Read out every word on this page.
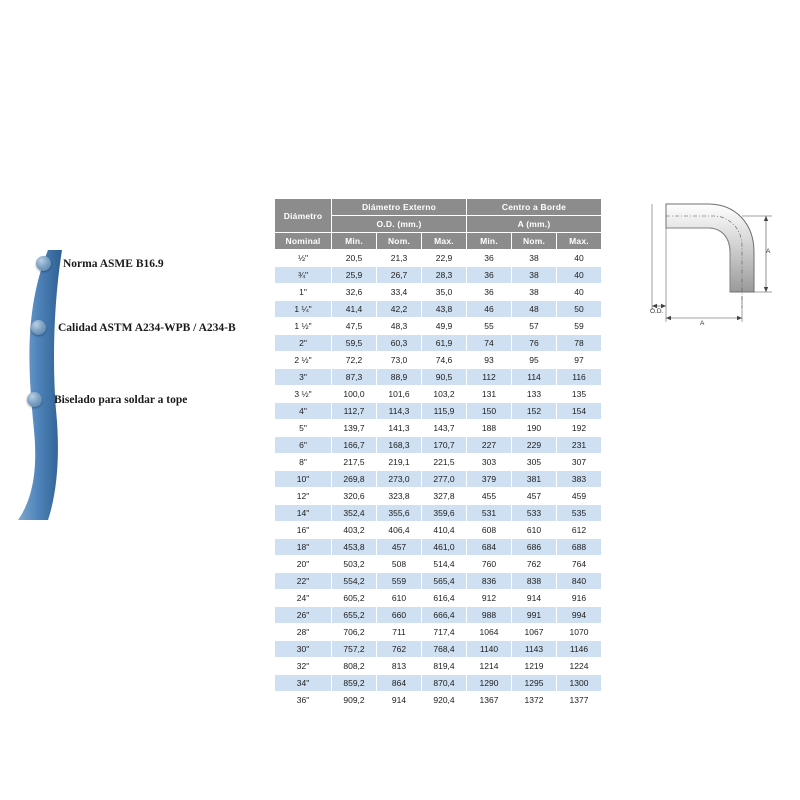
Norma ASME B16.9
Calidad ASTM A234-WPB / A234-B
Biselado para soldar a tope
Diámetro	Diámetro Externo			Centro a Borde		
	O.D. (mm.)			A (mm.)		
Nominal	Min.	Nom.	Max.	Min.	Nom.	Max.
½"	20,5	21,3	22,9	36	38	40
¾"	25,9	26,7	28,3	36	38	40
1"	32,6	33,4	35,0	36	38	40
1 ¼"	41,4	42,2	43,8	46	48	50
1 ½"	47,5	48,3	49,9	55	57	59
2"	59,5	60,3	61,9	74	76	78
2 ½"	72,2	73,0	74,6	93	95	97
3"	87,3	88,9	90,5	112	114	116
3 ½"	100,0	101,6	103,2	131	133	135
4"	112,7	114,3	115,9	150	152	154
5"	139,7	141,3	143,7	188	190	192
6"	166,7	168,3	170,7	227	229	231
8"	217,5	219,1	221,5	303	305	307
10"	269,8	273,0	277,0	379	381	383
12"	320,6	323,8	327,8	455	457	459
14"	352,4	355,6	359,6	531	533	535
16"	403,2	406,4	410,4	608	610	612
18"	453,8	457	461,0	684	686	688
20"	503,2	508	514,4	760	762	764
22"	554,2	559	565,4	836	838	840
24"	605,2	610	616,4	912	914	916
26"	655,2	660	666,4	988	991	994
28"	706,2	711	717,4	1064	1067	1070
30"	757,2	762	768,4	1140	1143	1146
32"	808,2	813	819,4	1214	1219	1224
34"	859,2	864	870,4	1290	1295	1300
36"	909,2	914	920,4	1367	1372	1377
A
A
O.D.
